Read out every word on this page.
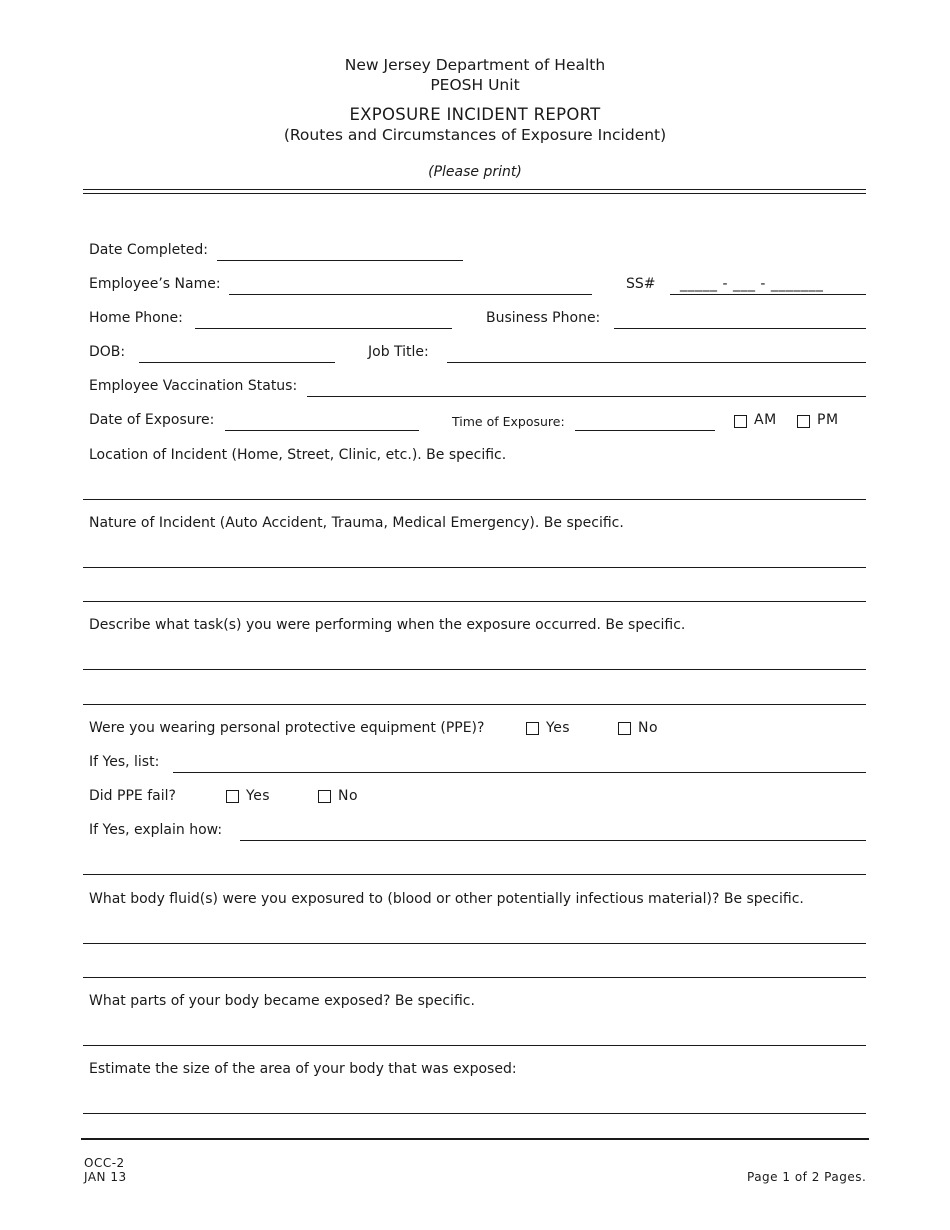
New Jersey Department of Health
PEOSH Unit
EXPOSURE INCIDENT REPORT
(Routes and Circumstances of Exposure Incident)
(Please print)
Date Completed:
Employee’s Name:	SS# _____ - ___ - _______
Home Phone:	Business Phone:
DOB:	Job Title:
Employee Vaccination Status:
Date of Exposure:	Time of Exposure:	AM	PM
Location of Incident (Home, Street, Clinic, etc.). Be specific.
Nature of Incident (Auto Accident, Trauma, Medical Emergency). Be specific.
Describe what task(s) you were performing when the exposure occurred. Be specific.
Were you wearing personal protective equipment (PPE)?	Yes	No
If Yes, list:
Did PPE fail?	Yes	No
If Yes, explain how:
What body fluid(s) were you exposured to (blood or other potentially infectious material)? Be specific.
What parts of your body became exposed? Be specific.
Estimate the size of the area of your body that was exposed:
OCC-2
JAN 13	Page 1 of 2 Pages.
